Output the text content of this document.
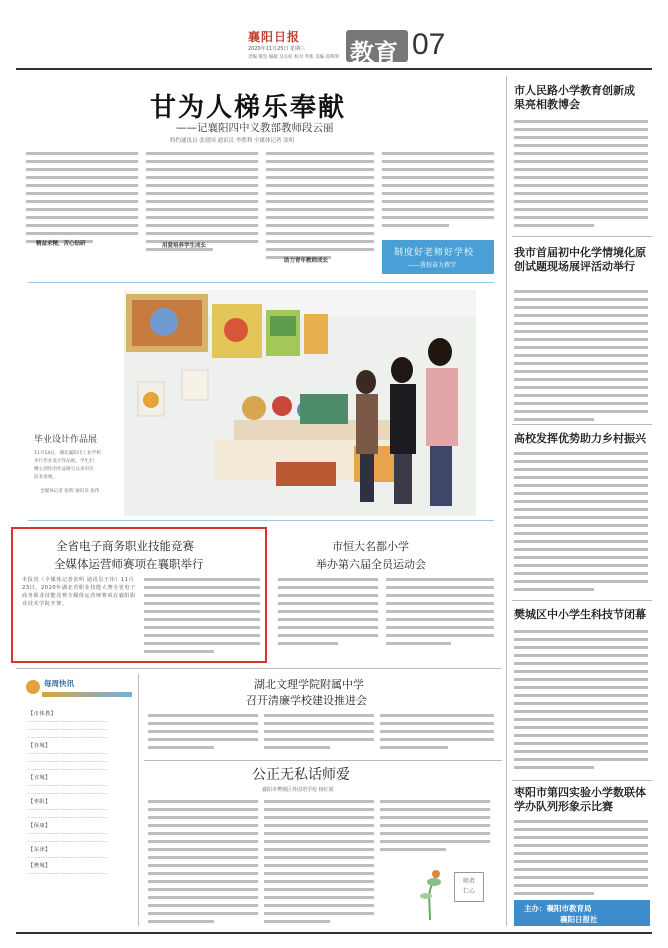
襄阳日报
2020年11月25日 星期三
责编 熊坚 编辑 吴长虹 校对 乔新 美编 郑利明 教育 07
甘为人梯乐奉献
——记襄阳四中义教部教师段云丽
特约通讯员 张建国 通讯员 李胜利 全媒体记者 张明
精益求精，苦心钻研	用爱培养学生成长
助力青年教师成长
制度好老师好学校
——我校奋力教学
毕业设计作品展
11月14日，湖北襄阳市工业学校
举行毕业设计作品展，学生们
精心创作的作品吸引众多市民
前来参观。
全媒体记者 张明 通讯员 张伟
全省电子商务职业技能竞赛
全媒体运营师赛项在襄职举行
本报讯（全媒体记者张明 通讯员王伟）11月23日，2020年湖北省职业技能大赛全省电子商务职业技能竞赛全媒体运营师赛项在襄阳职业技术学院开赛。
市恒大名都小学
举办第六届全员运动会
每周快讯
【市体教】
·····································
·····································
·····································
【谷城】
·····································
·····································
·····································
【宜城】
·····································
·····································
【枣阳】
·····································
·····································
【保康】
·····································
·····································
【东津】
·····································
【樊城】
·····································
湖北文理学院附属中学
召开清廉学校建设推进会
公正无私话师爱
襄阳市樊城区外国语学校 杨红娟
师者
仁心
市人民路小学教育创新成果亮相教博会
我市首届初中化学情境化原创试题现场展评活动举行
高校发挥优势助力乡村振兴
樊城区中小学生科技节闭幕
枣阳市第四实验小学数联体学办队列形象示比赛
主办：襄阳市教育局
襄阳日报社
